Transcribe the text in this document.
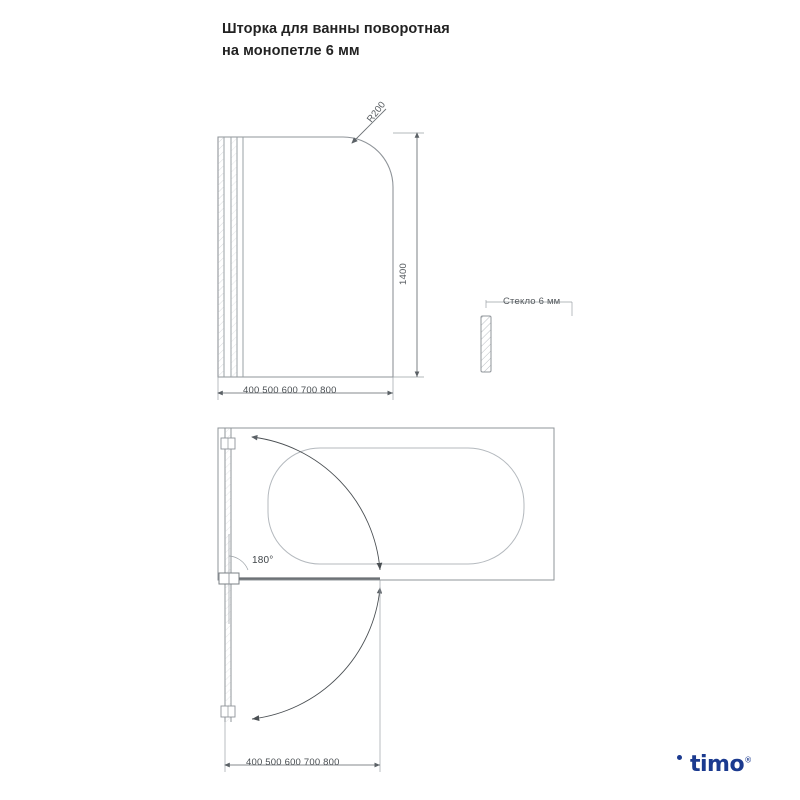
Шторка для ванны поворотная
на монопетле 6 мм
R200
1400
400 500 600 700 800
Стекло 6 мм
180°
400 500 600 700 800	timo®
